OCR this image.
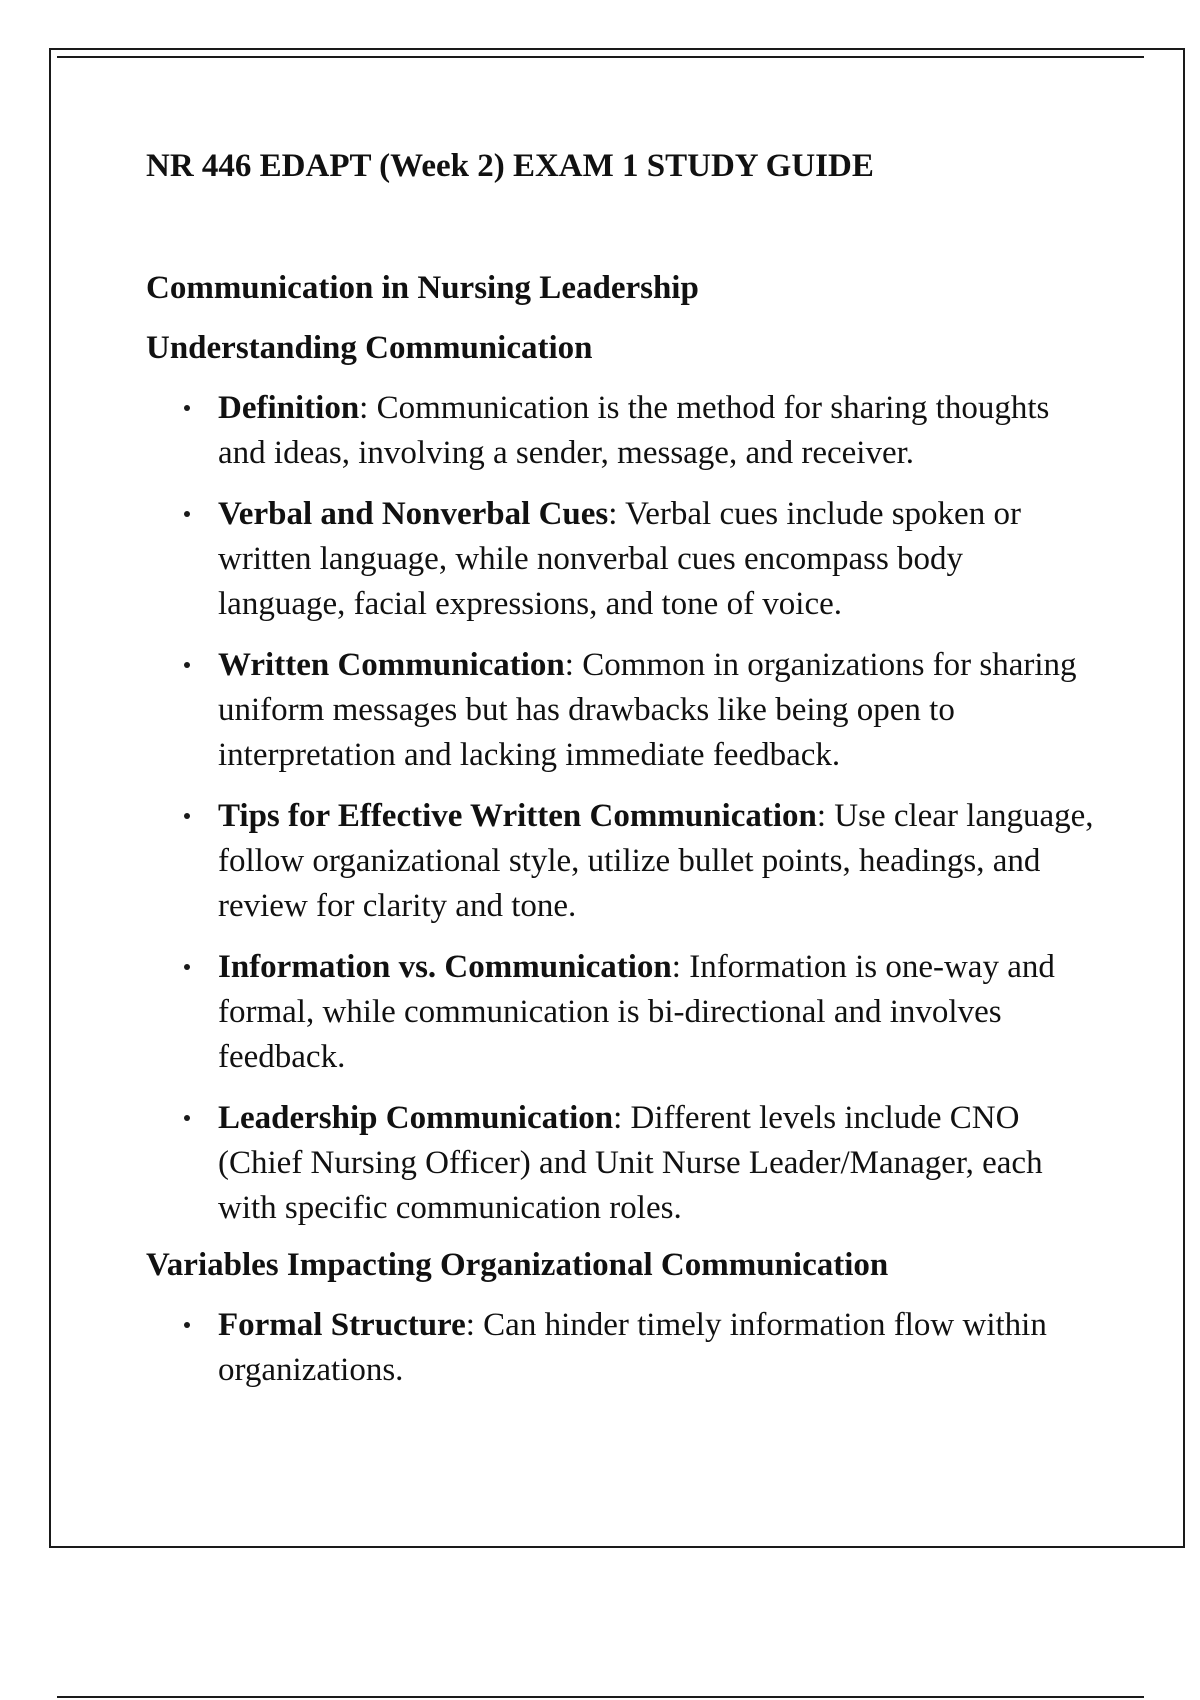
NR 446 EDAPT (Week 2) EXAM 1 STUDY GUIDE
Communication in Nursing Leadership
Understanding Communication
Definition: Communication is the method for sharing thoughts and ideas, involving a sender, message, and receiver.
Verbal and Nonverbal Cues: Verbal cues include spoken or written language, while nonverbal cues encompass body language, facial expressions, and tone of voice.
Written Communication: Common in organizations for sharing uniform messages but has drawbacks like being open to interpretation and lacking immediate feedback.
Tips for Effective Written Communication: Use clear language, follow organizational style, utilize bullet points, headings, and review for clarity and tone.
Information vs. Communication: Information is one-way and formal, while communication is bi-directional and involves feedback.
Leadership Communication: Different levels include CNO (Chief Nursing Officer) and Unit Nurse Leader/Manager, each with specific communication roles.
Variables Impacting Organizational Communication
Formal Structure: Can hinder timely information flow within organizations.
